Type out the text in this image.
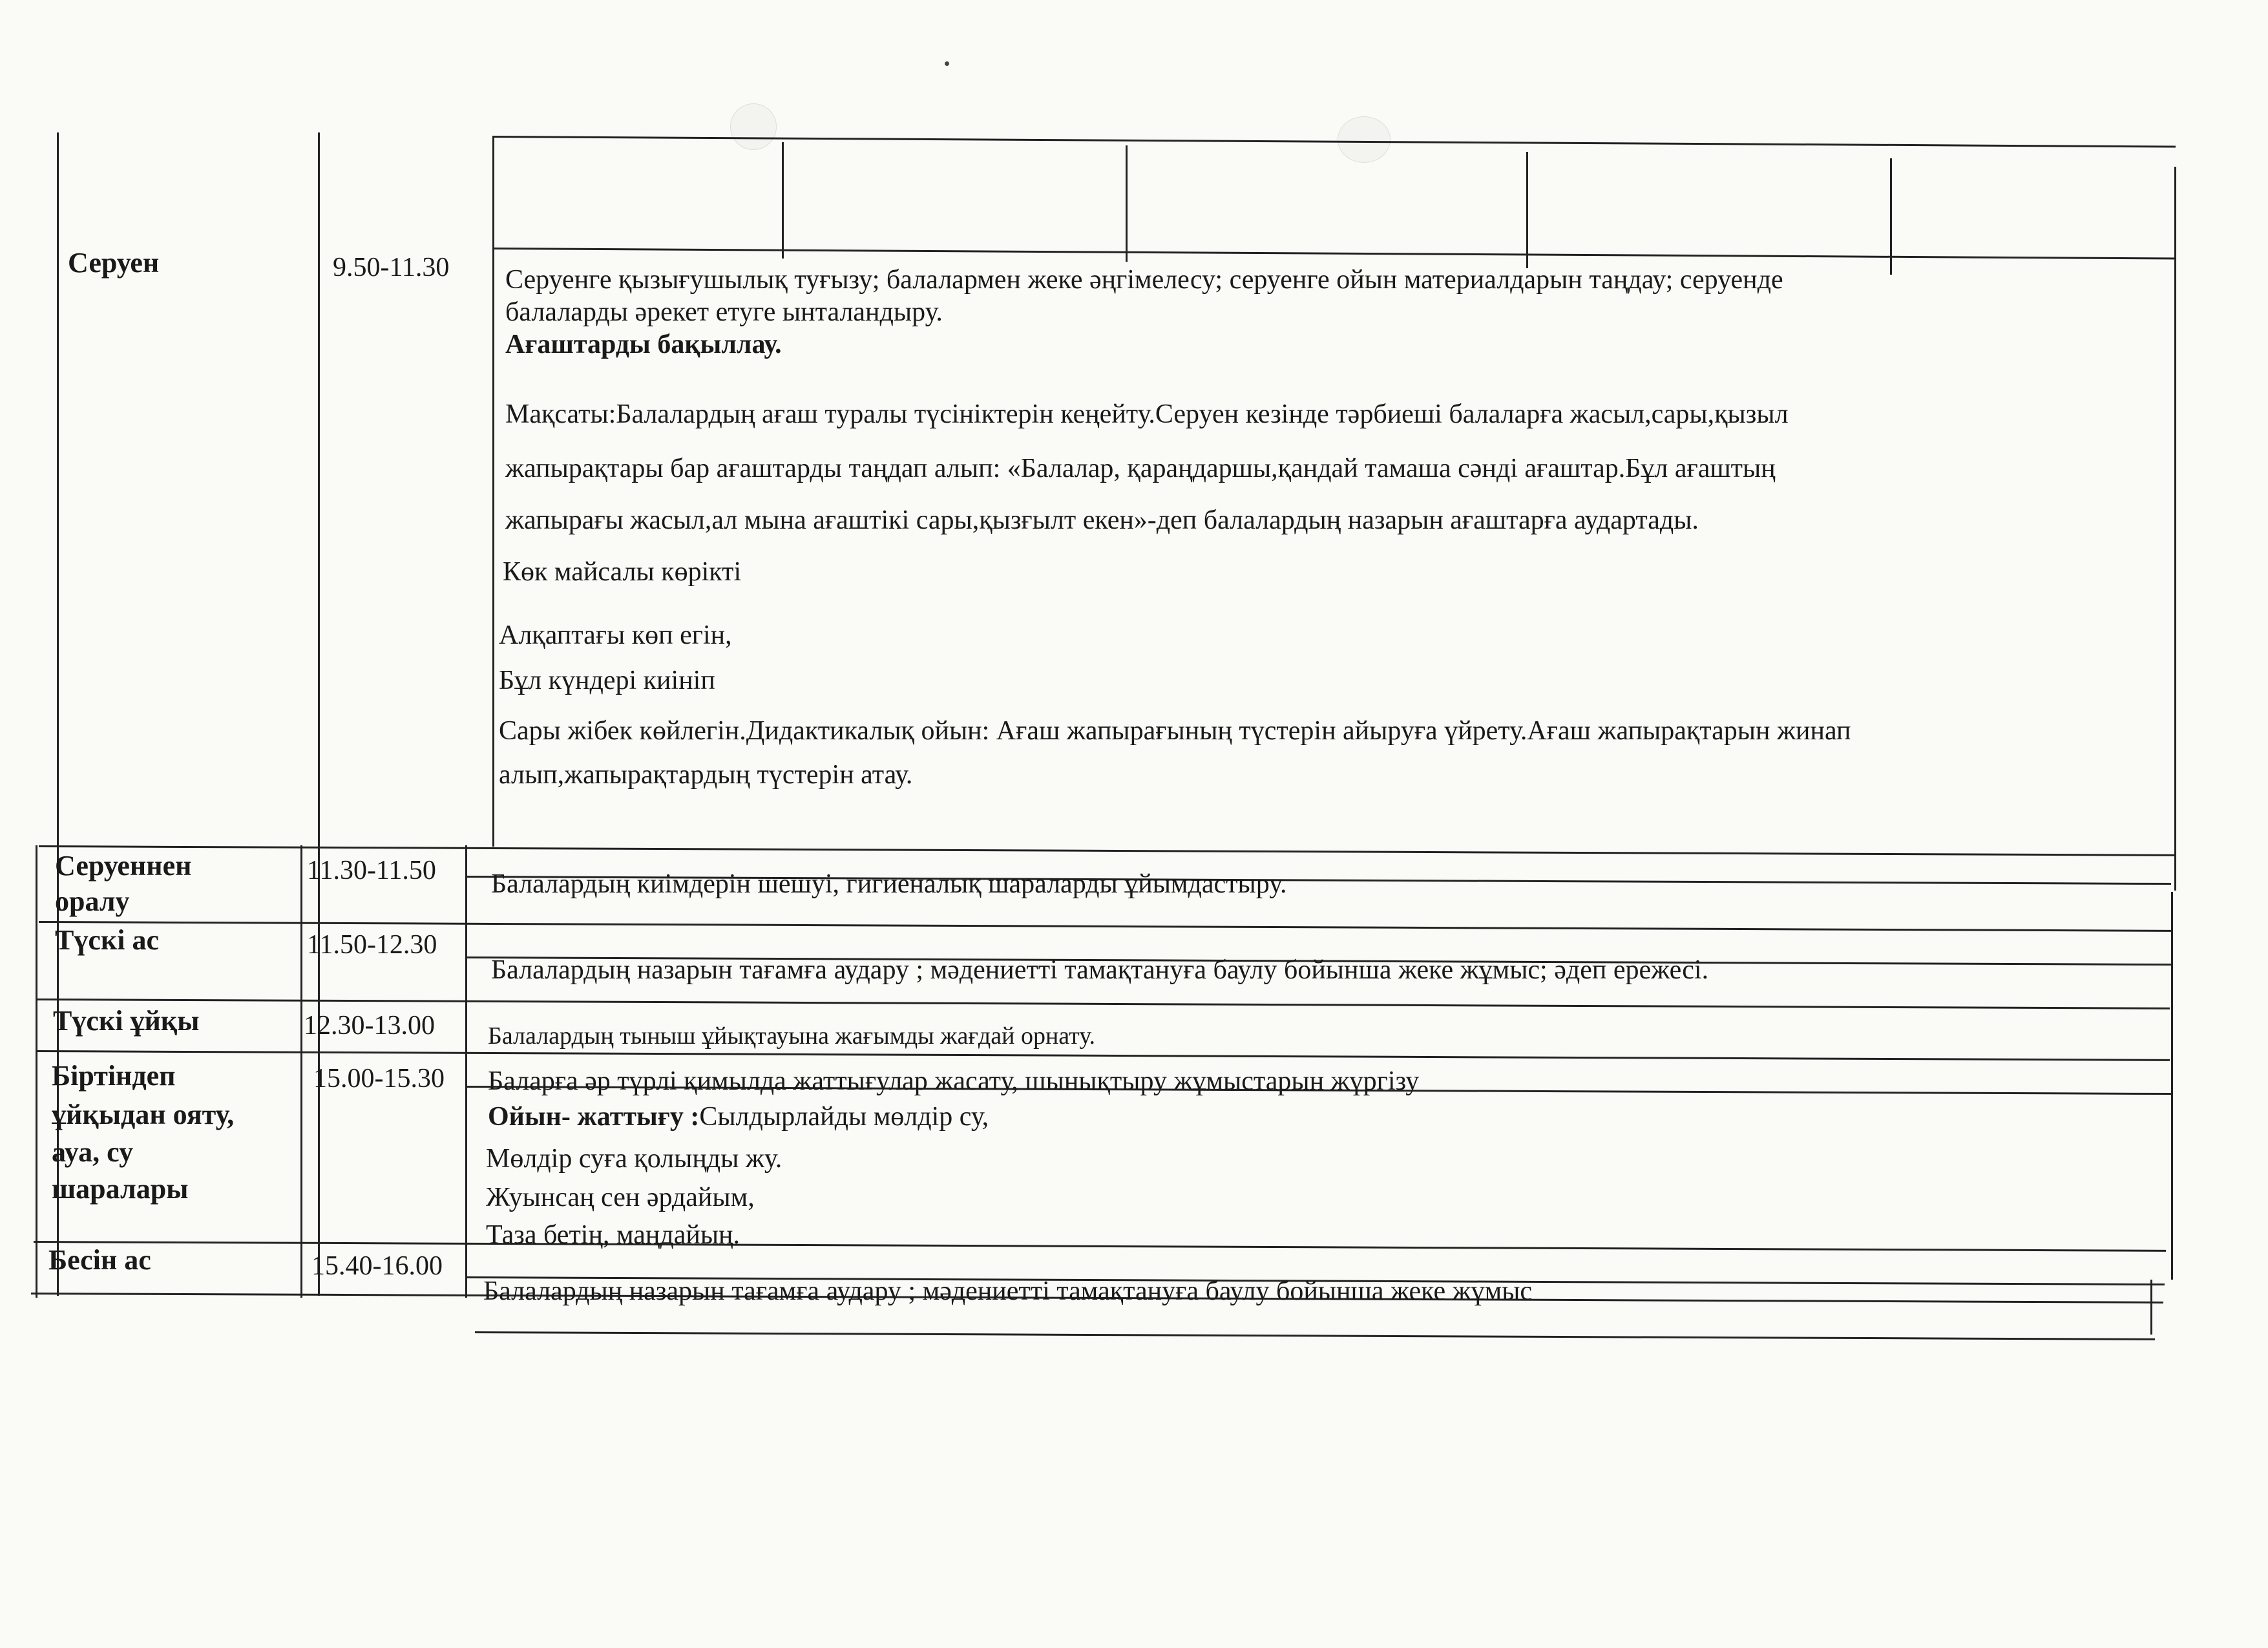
Серуен	9.50-11.30 Серуенге қызығушылық туғызу; балалармен жеке әңгімелесу; серуенге ойын материалдарын таңдау; серуенде
балаларды әрекет етуге ынталандыру.
Ағаштарды бақыллау.
Мақсаты:Балалардың ағаш туралы түсініктерін кеңейту.Серуен кезінде тәрбиеші балаларға жасыл,сары,қызыл
жапырақтары бар ағаштарды таңдап алып: «Балалар, қараңдаршы,қандай тамаша сәнді ағаштар.Бұл ағаштың
жапырағы жасыл,ал мына ағаштікі сары,қызғылт екен»-деп балалардың назарын ағаштарға аудартады.
Көк майсалы көрікті
Алқаптағы көп егін,
Бұл күндері киініп
Сары жібек көйлегін.Дидактикалық ойын: Ағаш жапырағының түстерін айыруға үйрету.Ағаш жапырақтарын жинап
алып,жапырақтардың түстерін атау.
Серуеннен
оралу
11.30-11.50 Балалардың киімдерін шешуі, гигиеналық шараларды ұйымдастыру.
Түскі ас	11.50-12.30
Балалардың назарын тағамға аудару ; мәдениетті тамақтануға баулу бойынша жеке жұмыс; әдеп ережесі.
Түскі ұйқы	12.30-13.00 Балалардың тыныш ұйықтауына жағымды жағдай орнату.
Біртіндеп
ұйқыдан ояту,
ауа, су
шаралары
15.00-15.30 Баларға әр түрлі қимылда жаттығулар жасату, шынықтыру жұмыстарын жүргізу
Ойын- жаттығу :Сылдырлайды мөлдір су,
Мөлдір суға қолыңды жу.
Жуынсаң сен әрдайым,
Таза бетің, маңдайың.
Бесін ас	15.40-16.00
Балалардың назарын тағамға аудару ; мәдениетті тамақтануға баулу бойынша жеке жұмыс
